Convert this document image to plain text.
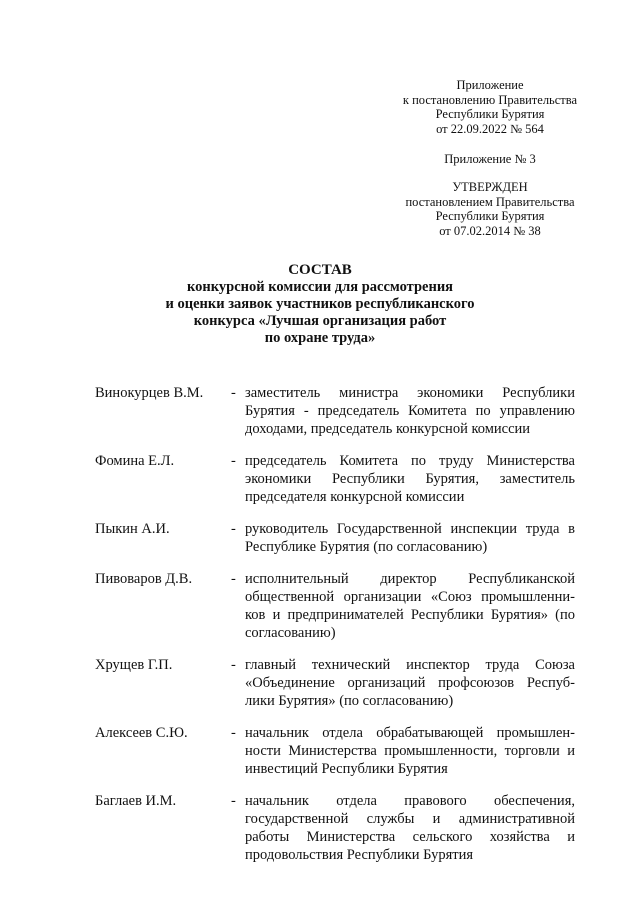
Приложение
к постановлению Правительства
Республики Бурятия
от 22.09.2022 № 564
Приложение № 3
УТВЕРЖДЕН
постановлением Правительства
Республики Бурятия
от 07.02.2014 № 38
СОСТАВ
конкурсной комиссии для рассмотрения
и оценки заявок участников республиканского
конкурса «Лучшая организация работ
по охране труда»
Винокурцев В.М. - заместитель министра экономики Республики
Бурятия - председатель Комитета по управлению
доходами, председатель конкурсной комиссии
Фомина Е.Л.	- председатель Комитета по труду Министерства
экономики Республики Бурятия, заместитель
председателя конкурсной комиссии
Пыкин А.И.	- руководитель Государственной инспекции труда в
Республике Бурятия (по согласованию)
Пивоваров Д.В.	- исполнительный директор Республиканской
общественной организации «Союз промышленни-
ков и предпринимателей Республики Бурятия» (по
согласованию)
Хрущев Г.П.	- главный технический инспектор труда Союза
«Объединение организаций профсоюзов Респуб-
лики Бурятия» (по согласованию)
Алексеев С.Ю.	- начальник отдела обрабатывающей промышлен-
ности Министерства промышленности, торговли и
инвестиций Республики Бурятия
Баглаев И.М.	- начальник отдела правового обеспечения,
государственной службы и административной
работы Министерства сельского хозяйства и
продовольствия Республики Бурятия
